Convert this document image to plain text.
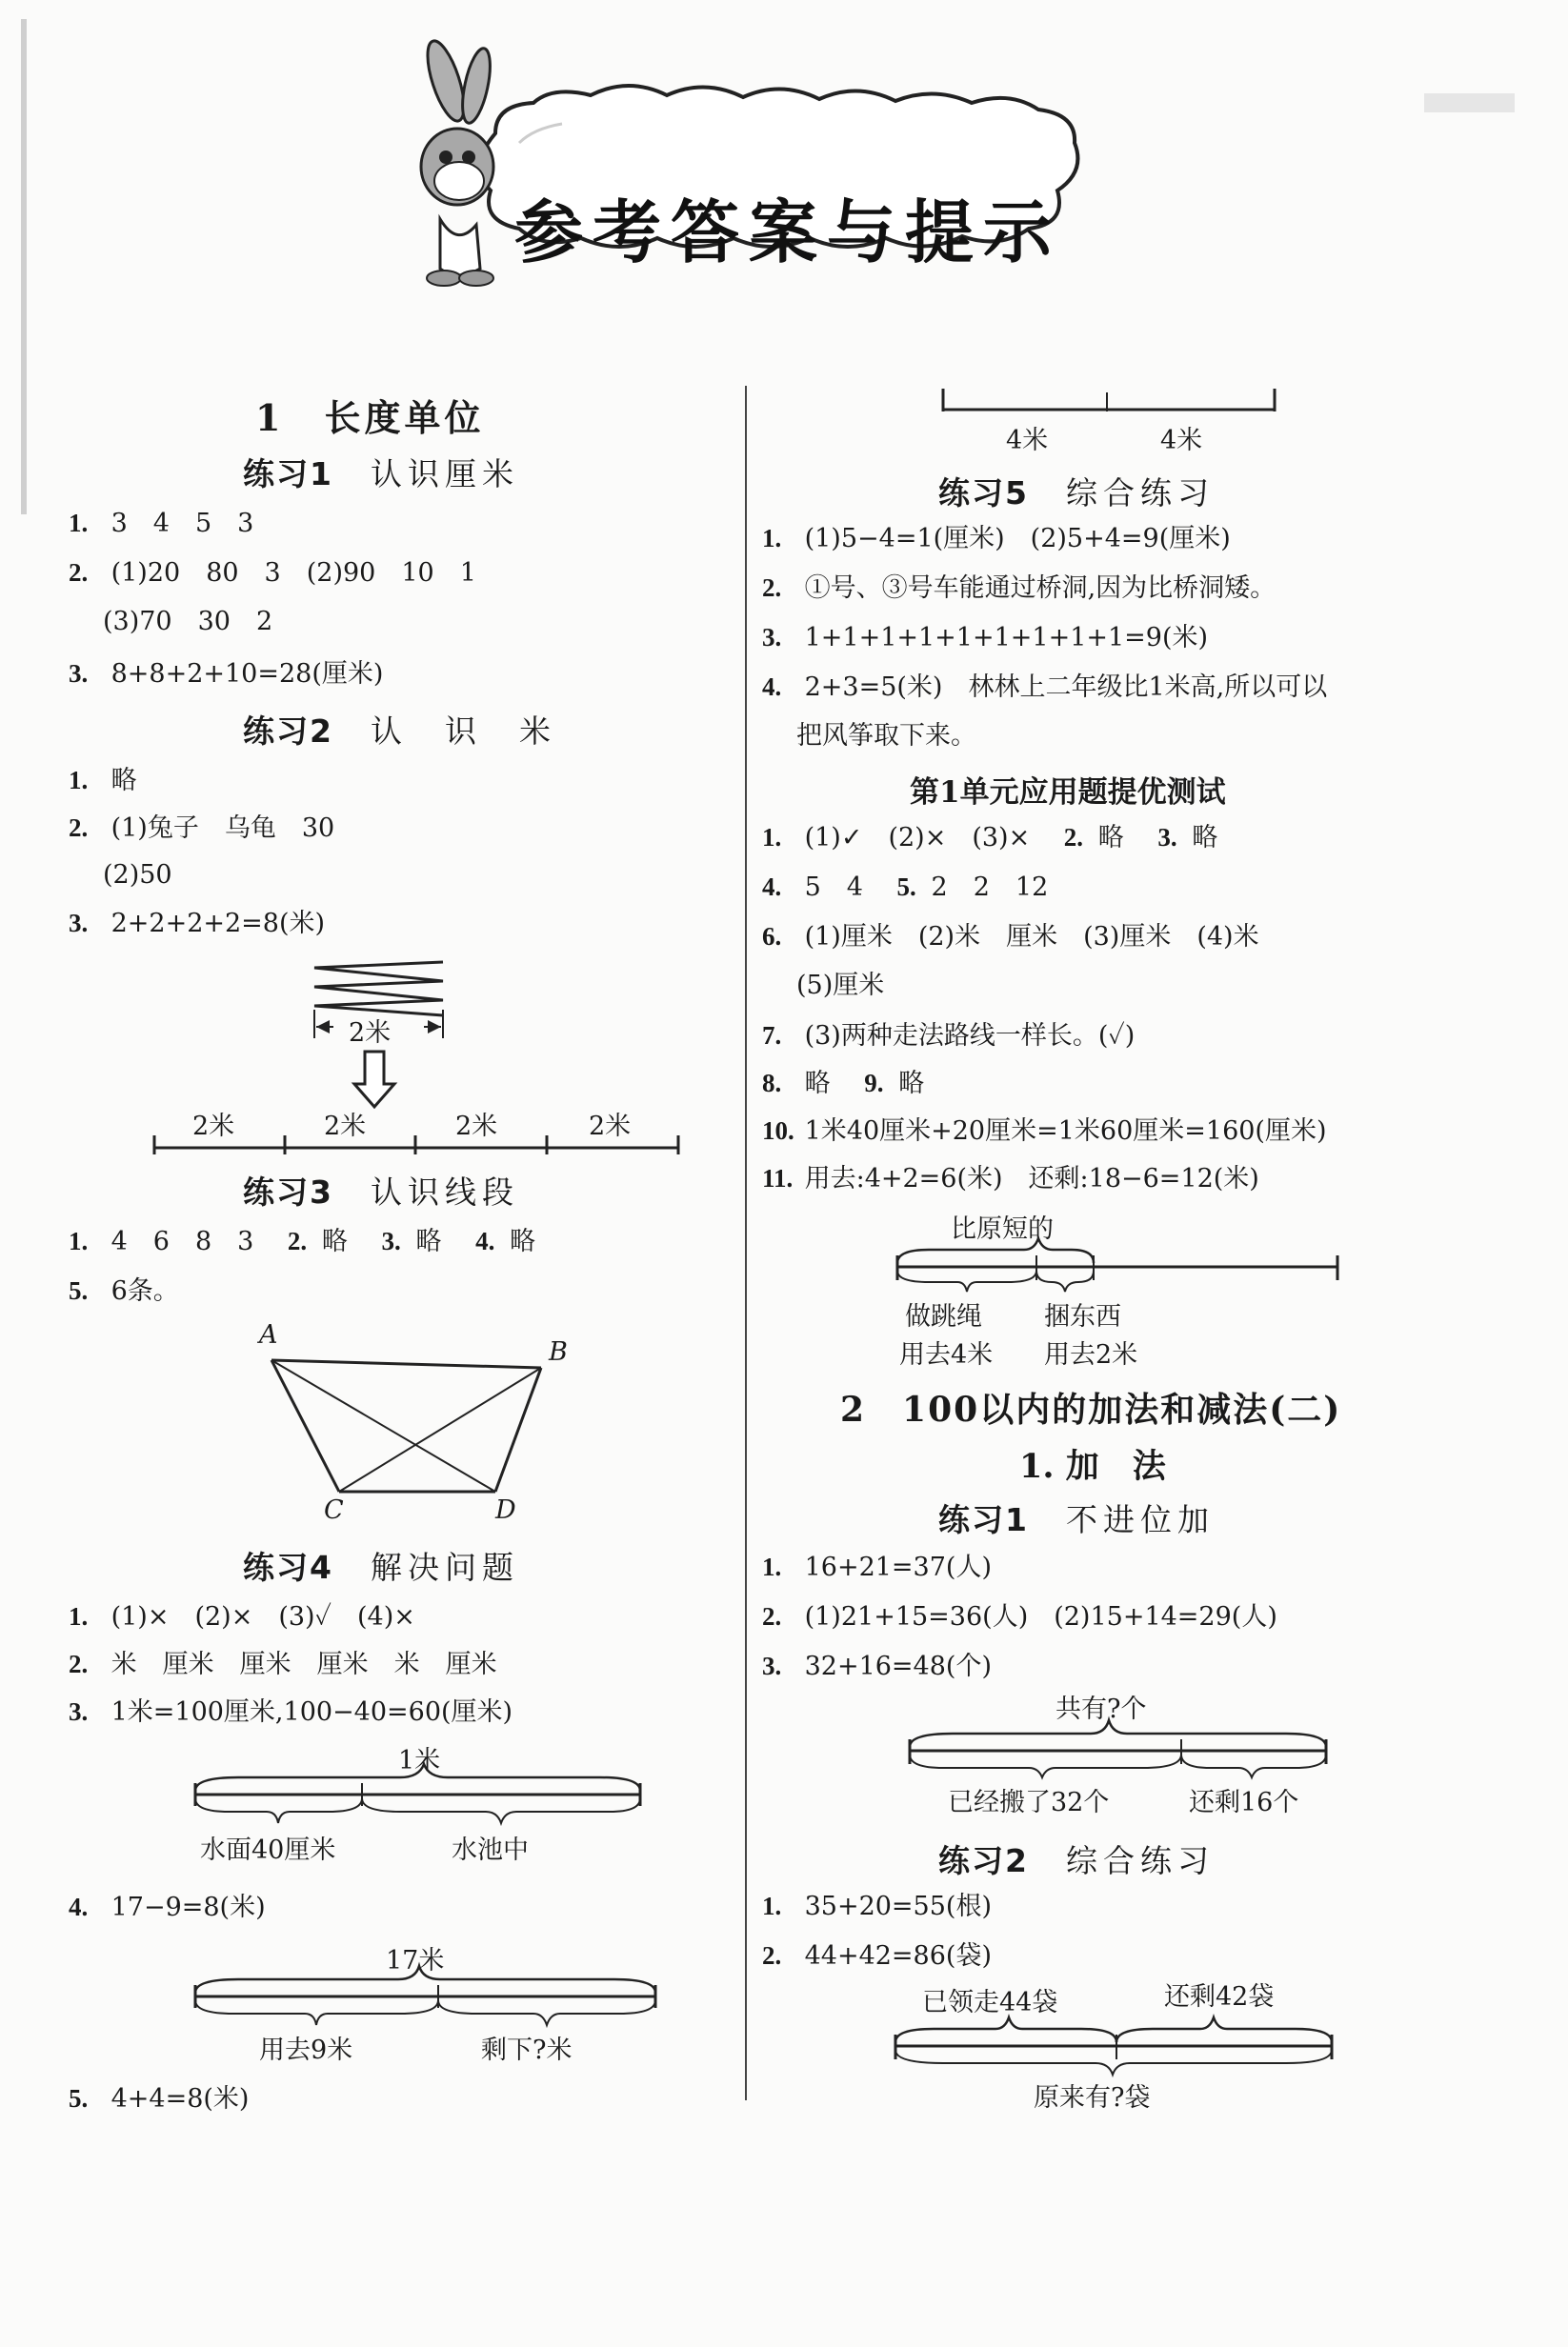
参考答案与提示
1　长度单位
练习1　 认识厘米
1. 3　4　5　3
2. (1)20　80　3　(2)90　10　1
(3)70　30　2
3. 8+8+2+10=28(厘米)
练习2　 认　识　米
1. 略
2. (1)兔子　乌龟　30
(2)50
3. 2+2+2+2=8(米)
2米
2米	2米	2米	2米
练习3　 认识线段
1. 4　6　8　3 　 2. 略 　 3. 略 　 4. 略
5. 6条。
A
B
C	D
练习4　 解决问题
1. (1)×　(2)×　(3)✓　(4)×
2. 米　厘米　厘米　厘米　米　厘米
3. 1米=100厘米,100−40=60(厘米)
1米
水面40厘米	水池中
4. 17−9=8(米)
17米
用去9米	剩下?米
5. 4+4=8(米)
4米	4米
练习5　 综合练习
1. (1)5−4=1(厘米)　(2)5+4=9(厘米)
2. ①号、③号车能通过桥洞,因为比桥洞矮。
3. 1+1+1+1+1+1+1+1+1=9(米)
4. 2+3=5(米)　林林上二年级比1米高,所以可以
把风筝取下来。
第1单元应用题提优测试
1. (1)✓　(2)×　(3)× 　 2. 略 　 3. 略
4. 5　4 　 5. 2　2　12
6. (1)厘米　(2)米　厘米　(3)厘米　(4)米
(5)厘米
7. (3)两种走法路线一样长。(✓)
8. 略 　 9. 略
10. 1米40厘米+20厘米=1米60厘米=160(厘米)
11. 用去:4+2=6(米)　还剩:18−6=12(米)
比原短的
做跳绳 捆东西
用去4米 用去2米
2　100以内的加法和减法(二)
1. 加　法
练习1　 不进位加
1. 16+21=37(人)
2. (1)21+15=36(人)　(2)15+14=29(人)
3. 32+16=48(个)
共有?个
已经搬了32个	还剩16个
练习2　 综合练习
1. 35+20=55(根)
2. 44+42=86(袋)
已领走44袋	还剩42袋
原来有?袋
